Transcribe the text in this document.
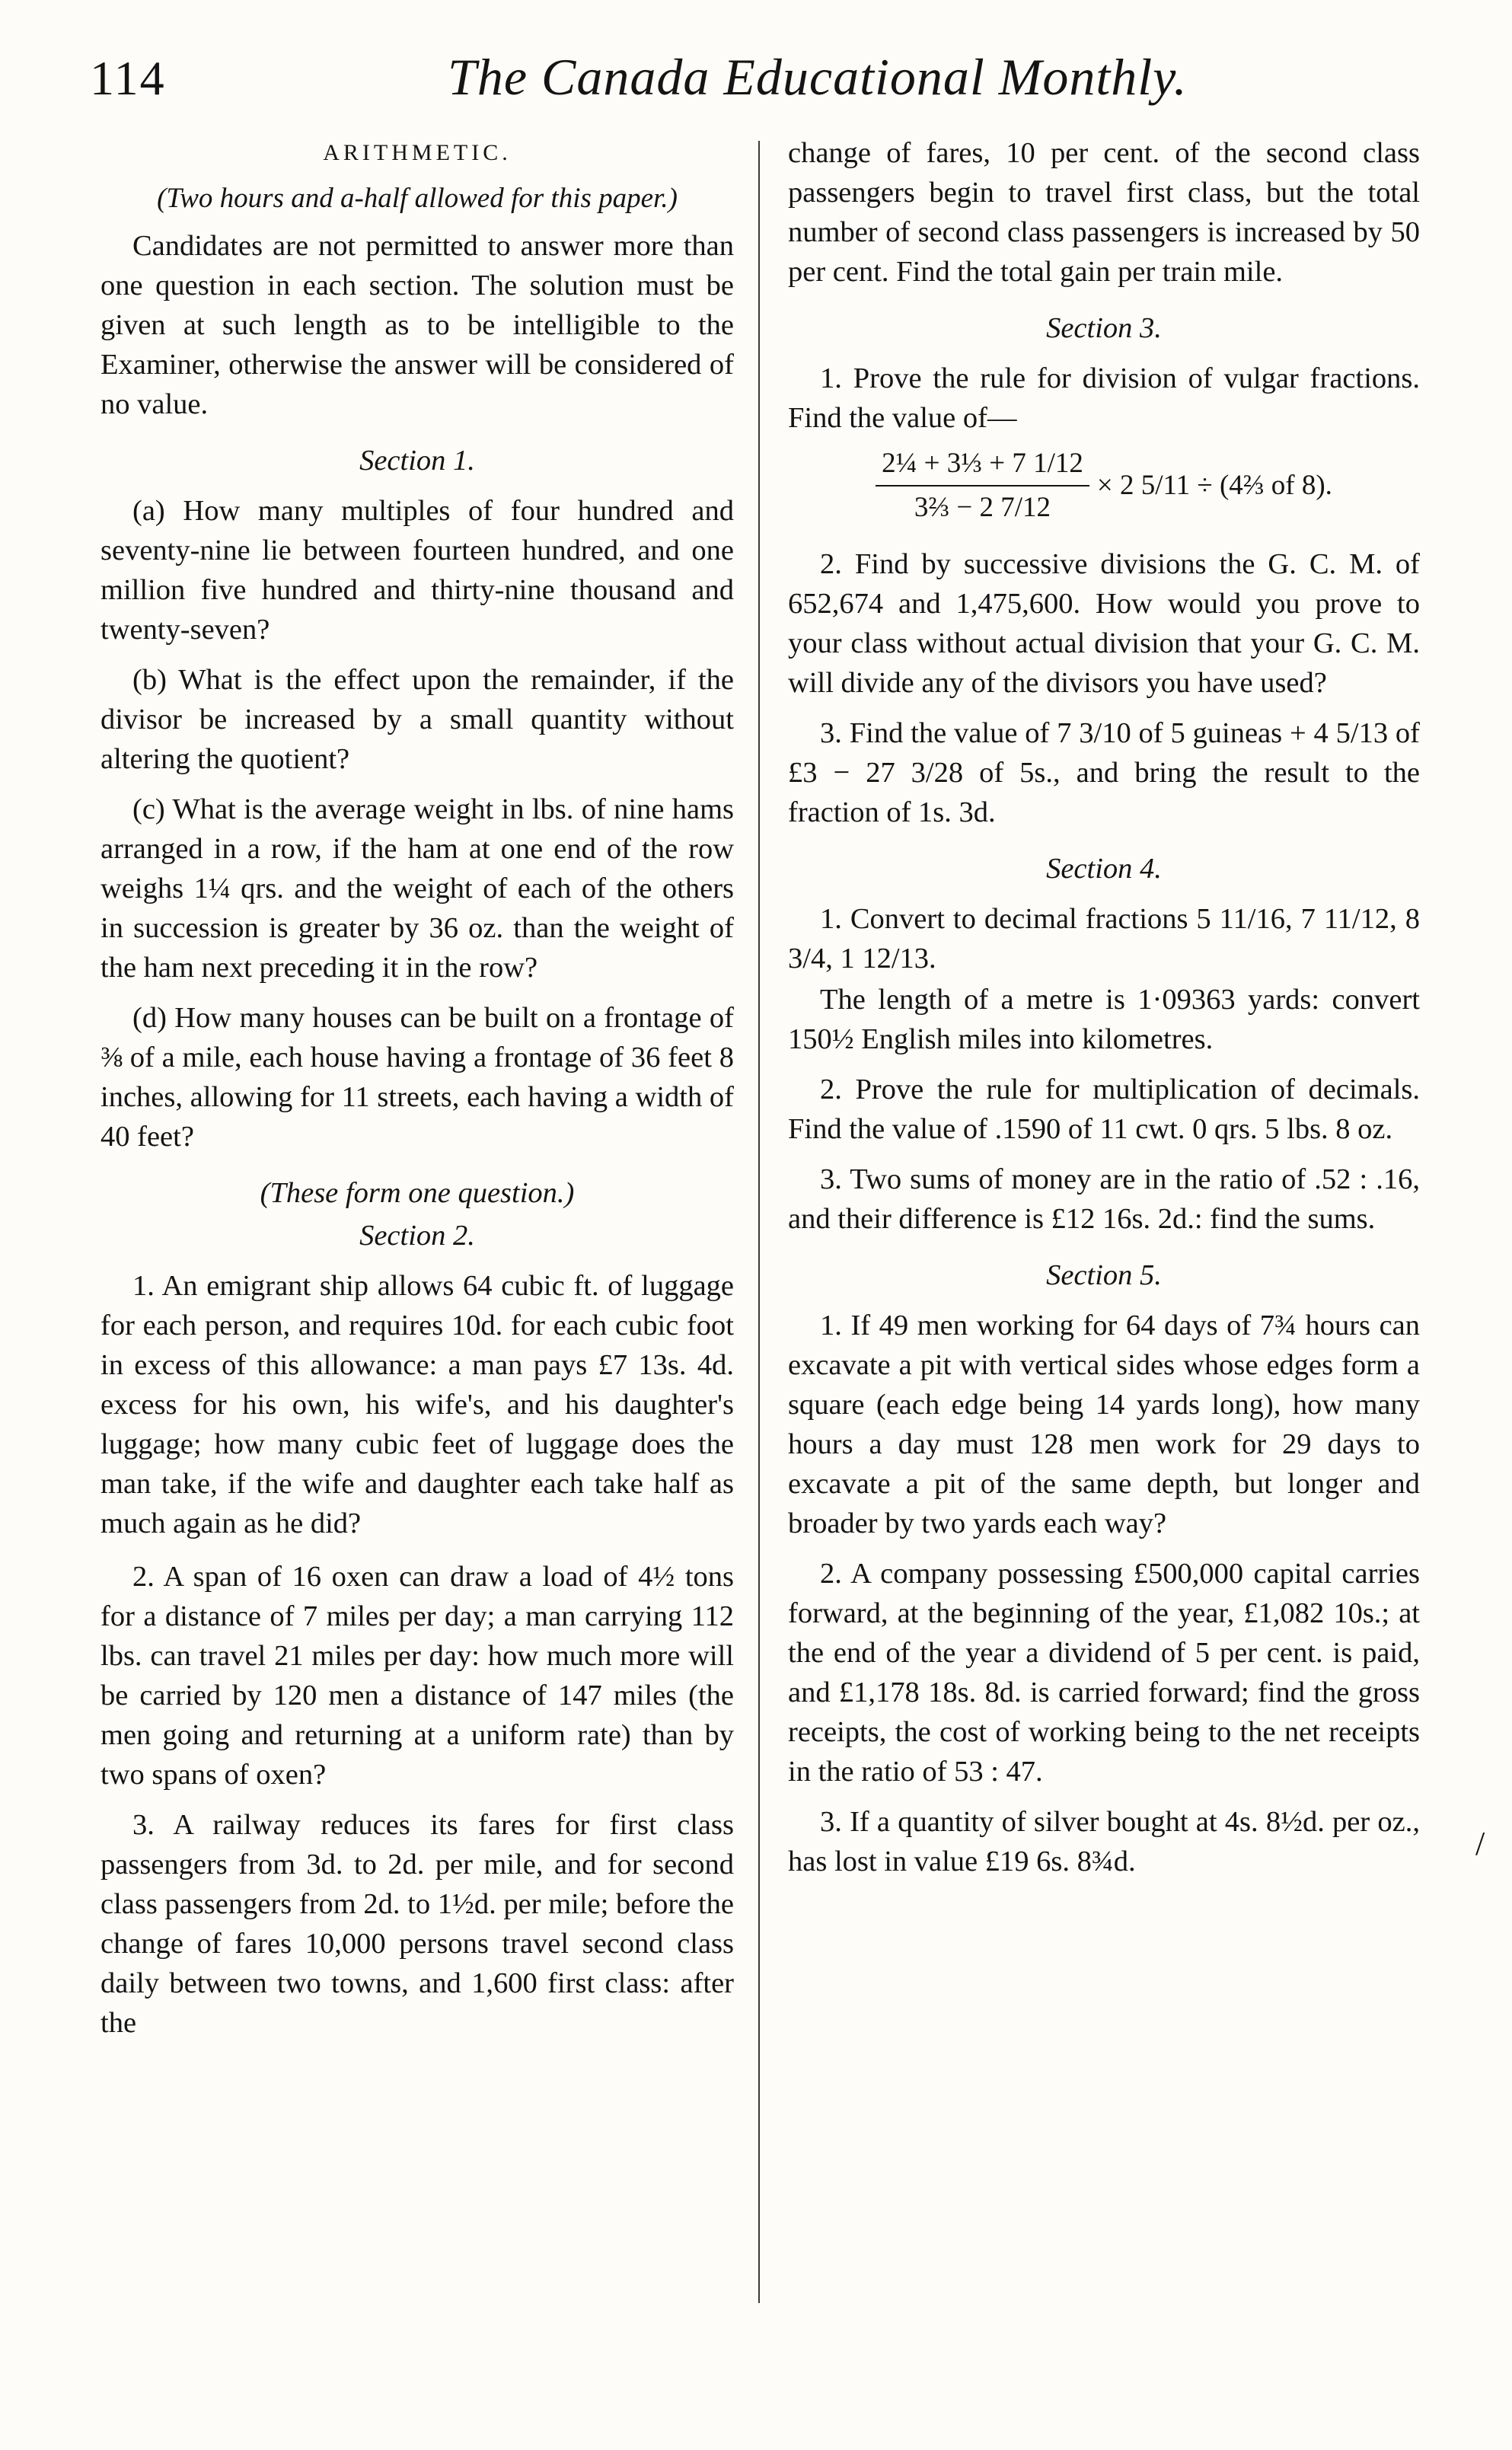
114	The Canada Educational Monthly.
ARITHMETIC.
(Two hours and a-half allowed for this paper.)

Candidates are not permitted to answer more than one question in each section. The solution must be given at such length as to be intelligible to the Examiner, otherwise the answer will be considered of no value.

Section 1.

(a) How many multiples of four hundred and seventy-nine lie between fourteen hundred, and one million five hundred and thirty-nine thousand and twenty-seven?

(b) What is the effect upon the remainder, if the divisor be increased by a small quantity without altering the quotient?

(c) What is the average weight in lbs. of nine hams arranged in a row, if the ham at one end of the row weighs 1¼ qrs. and the weight of each of the others in succession is greater by 36 oz. than the weight of the ham next preceding it in the row?

(d) How many houses can be built on a frontage of ⅜ of a mile, each house having a frontage of 36 feet 8 inches, allowing for 11 streets, each having a width of 40 feet?

(These form one question.)
Section 2.

1. An emigrant ship allows 64 cubic ft. of luggage for each person, and requires 10d. for each cubic foot in excess of this allowance: a man pays £7 13s. 4d. excess for his own, his wife's, and his daughter's luggage; how many cubic feet of luggage does the man take, if the wife and daughter each take half as much again as he did?

2. A span of 16 oxen can draw a load of 4½ tons for a distance of 7 miles per day; a man carrying 112 lbs. can travel 21 miles per day: how much more will be carried by 120 men a distance of 147 miles (the men going and returning at a uniform rate) than by two spans of oxen?

3. A railway reduces its fares for first class passengers from 3d. to 2d. per mile, and for second class passengers from 2d. to 1½d. per mile; before the change of fares 10,000 persons travel second class daily between two towns, and 1,600 first class: after the

change of fares, 10 per cent. of the second class passengers begin to travel first class, but the total number of second class passengers is increased by 50 per cent. Find the total gain per train mile.

Section 3.

1. Prove the rule for division of vulgar fractions. Find the value of—

$\frac{\text{2¼ + 3⅓ + 7 1/12}}{\text{3⅔ − 2 7/12}} \times 2$ 5/11 ÷ (4⅔ of 8).

2. Find by successive divisions the G. C. M. of 652,674 and 1,475,600. How would you prove to your class without actual division that your G. C. M. will divide any of the divisors you have used?

3. Find the value of 7 3/10 of 5 guineas + 4 5/13 of £3 − 27 3/28 of 5s., and bring the result to the fraction of 1s. 3d.

Section 4.

1. Convert to decimal fractions 5 11/16, 7 11/12, 8 3/4, 1 12/13.

The length of a metre is 1·09363 yards: convert 150½ English miles into kilometres.

2. Prove the rule for multiplication of decimals. Find the value of .1590 of 11 cwt. 0 qrs. 5 lbs. 8 oz.

3. Two sums of money are in the ratio of .52 : .16, and their difference is £12 16s. 2d.: find the sums.

Section 5.

1. If 49 men working for 64 days of 7¾ hours can excavate a pit with vertical sides whose edges form a square (each edge being 14 yards long), how many hours a day must 128 men work for 29 days to excavate a pit of the same depth, but longer and broader by two yards each way?

2. A company possessing £500,000 capital carries forward, at the beginning of the year, £1,082 10s.; at the end of the year a dividend of 5 per cent. is paid, and £1,178 18s. 8d. is carried forward; find the gross receipts, the cost of working being to the net receipts in the ratio of 53 : 47.

3. If a quantity of silver bought at 4s. 8½d. per oz., has lost in value £19 6s. 8¾d.	/
